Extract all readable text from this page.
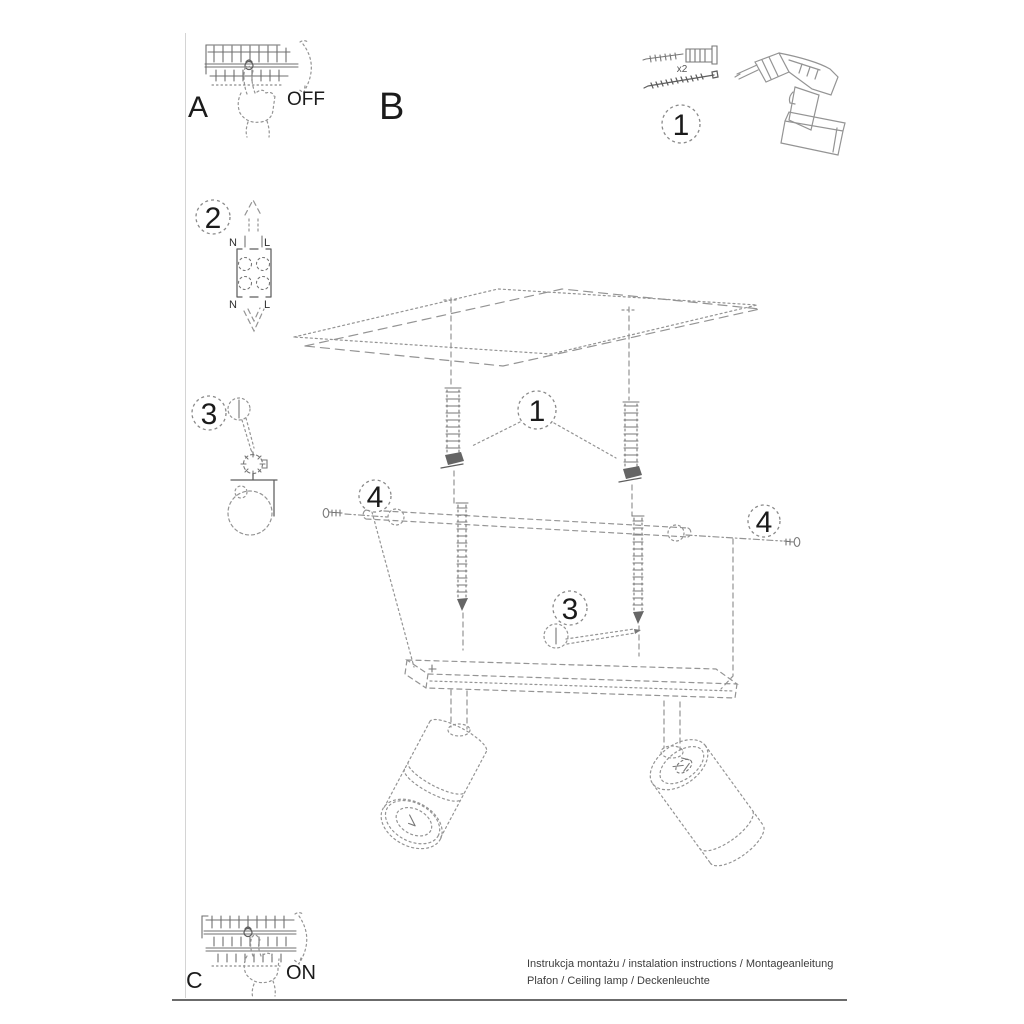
A	OFF B
x2
1
2
N L
N L
3	1
4
4
3
C	ON	Instrukcja montażu / instalation instructions / Montageanleitung
Plafon / Ceiling lamp / Deckenleuchte
